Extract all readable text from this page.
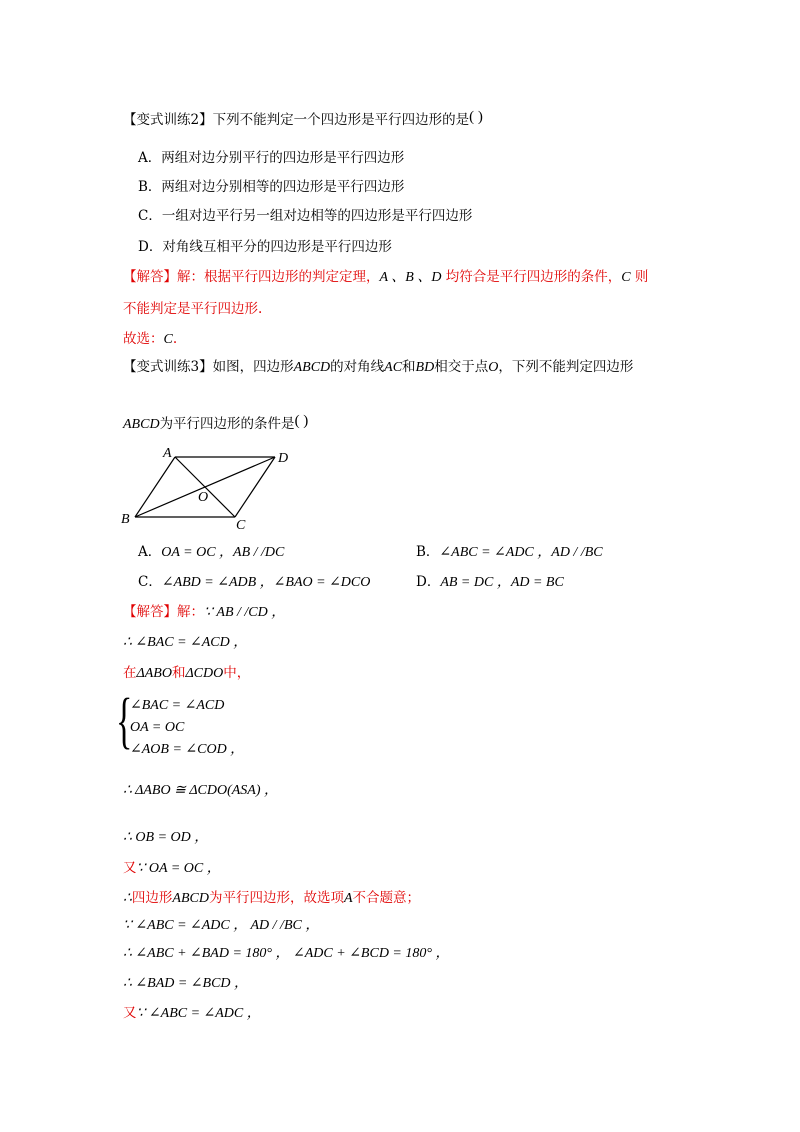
【变式训练2】下列不能判定一个四边形是平行四边形的是( )
A．两组对边分别平行的四边形是平行四边形
B．两组对边分别相等的四边形是平行四边形
C．一组对边平行另一组对边相等的四边形是平行四边形
D．对角线互相平分的四边形是平行四边形
【解答】解：根据平行四边形的判定定理，A 、B 、D 均符合是平行四边形的条件，C 则
不能判定是平行四边形.
故选：C.
【变式训练3】如图，四边形ABCD的对角线AC和BD相交于点O，下列不能判定四边形
ABCD为平行四边形的条件是( )
A	D
O
B	C
A．OA = OC ，AB / /DC	B．∠ABC = ∠ADC ，AD / /BC
C．∠ABD = ∠ADB ，∠BAO = ∠DCO	D．AB = DC ，AD = BC
【解答】解：∵ AB / /CD ，
∴ ∠BAC = ∠ACD ，
在ΔABO和ΔCDO中，
{
∠BAC = ∠ACD
OA = OC
∠AOB = ∠COD ，
∴ ΔABO ≅ ΔCDO(ASA) ，
∴ OB = OD ，
又∵ OA = OC ，
∴四边形ABCD为平行四边形，故选项A不合题意；
∵ ∠ABC = ∠ADC ， AD / /BC ，
∴ ∠ABC + ∠BAD = 180° ， ∠ADC + ∠BCD = 180° ，
∴ ∠BAD = ∠BCD ，
又∵ ∠ABC = ∠ADC ，
